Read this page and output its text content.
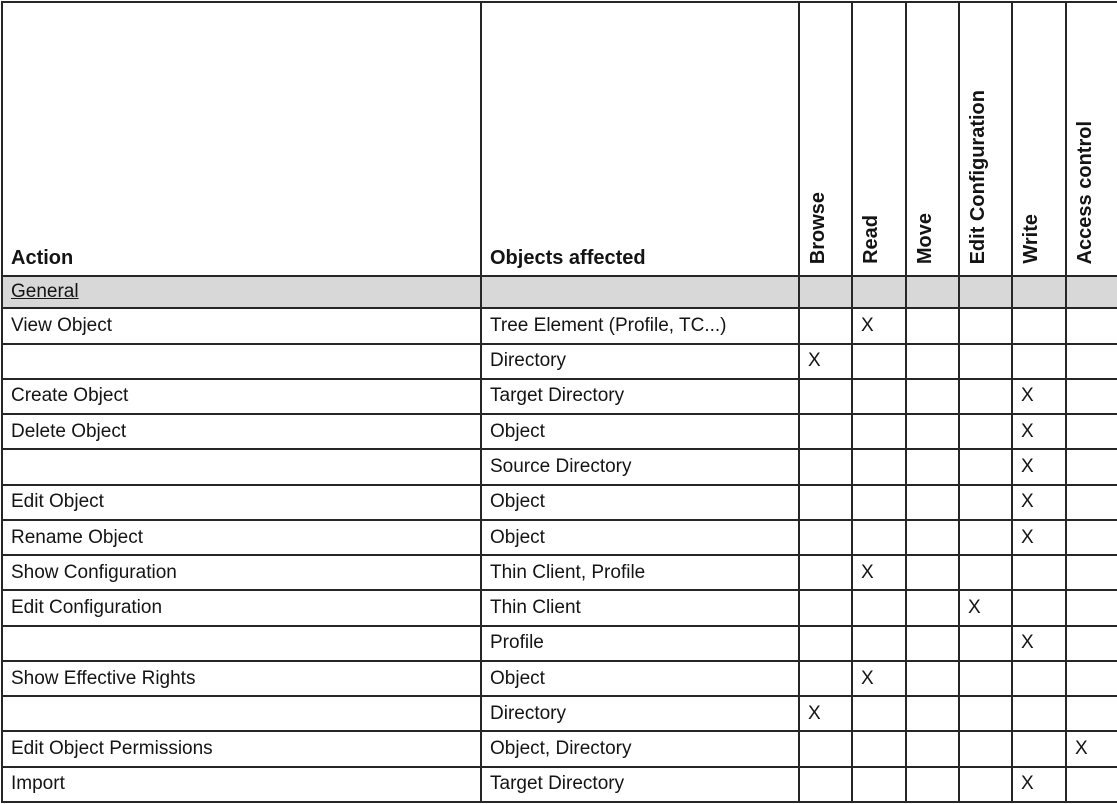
Action	Objects affected	Browse	Read	Move	Edit Configuration	Write	Access control
General							
View Object	Tree Element (Profile, TC...)		X				
	Directory	X					
Create Object	Target Directory					X	
Delete Object	Object					X	
	Source Directory					X	
Edit Object	Object					X	
Rename Object	Object					X	
Show Configuration	Thin Client, Profile		X				
Edit Configuration	Thin Client				X		
	Profile					X	
Show Effective Rights	Object		X				
	Directory	X					
Edit Object Permissions	Object, Directory						X
Import	Target Directory					X	
